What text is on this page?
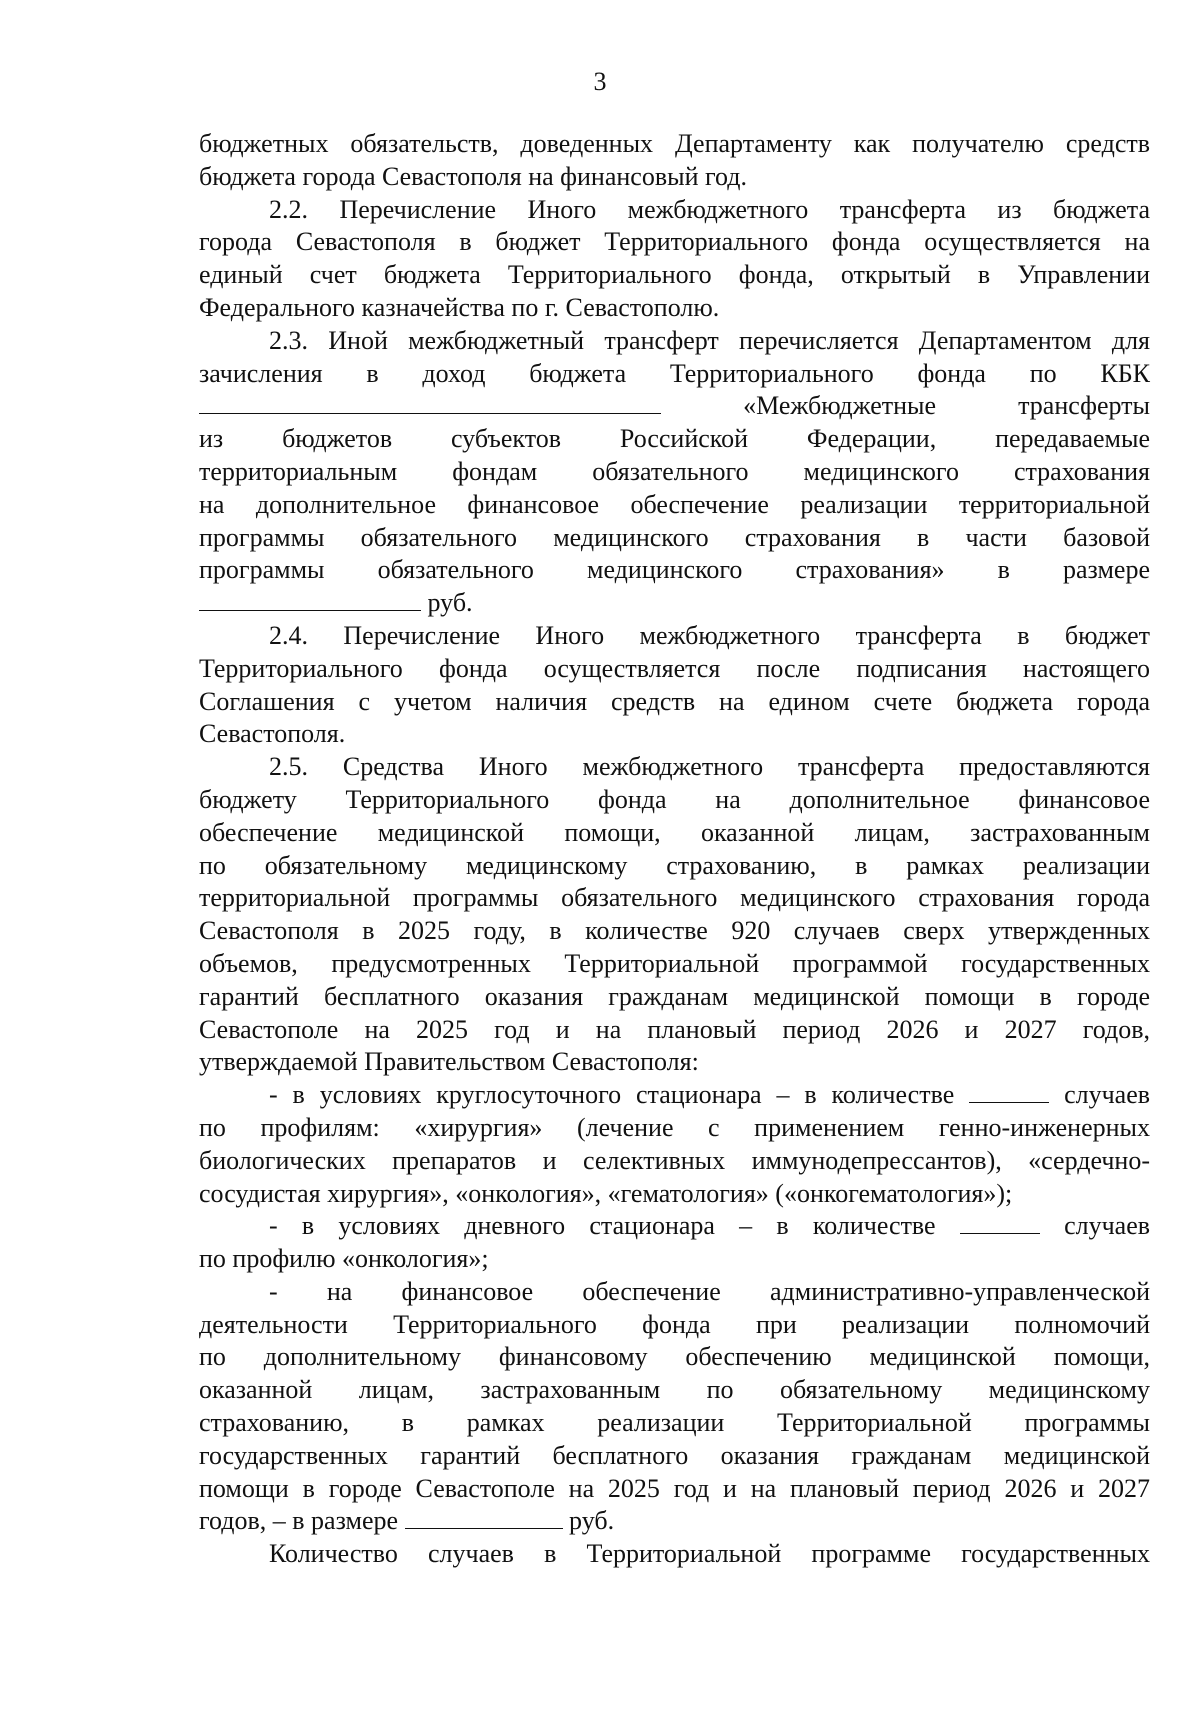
3
бюджетных обязательств, доведенных Департаменту как получателю средств
бюджета города Севастополя на финансовый год.
2.2. Перечисление Иного межбюджетного трансферта из бюджета
города Севастополя в бюджет Территориального фонда осуществляется на
единый счет бюджета Территориального фонда, открытый в Управлении
Федерального казначейства по г. Севастополю.
2.3. Иной межбюджетный трансферт перечисляется Департаментом для
зачисления в доход бюджета Территориального фонда по КБК
«Межбюджетные трансферты
из бюджетов субъектов Российской Федерации, передаваемые
территориальным фондам обязательного медицинского страхования
на дополнительное финансовое обеспечение реализации территориальной
программы обязательного медицинского страхования в части базовой
программы обязательного медицинского страхования» в размере
руб.
2.4. Перечисление Иного межбюджетного трансферта в бюджет
Территориального фонда осуществляется после подписания настоящего
Соглашения с учетом наличия средств на едином счете бюджета города
Севастополя.
2.5. Средства Иного межбюджетного трансферта предоставляются
бюджету Территориального фонда на дополнительное финансовое
обеспечение медицинской помощи, оказанной лицам, застрахованным
по обязательному медицинскому страхованию, в рамках реализации
территориальной программы обязательного медицинского страхования города
Севастополя в 2025 году, в количестве 920 случаев сверх утвержденных
объемов, предусмотренных Территориальной программой государственных
гарантий бесплатного оказания гражданам медицинской помощи в городе
Севастополе на 2025 год и на плановый период 2026 и 2027 годов,
утверждаемой Правительством Севастополя:
- в условиях круглосуточного стационара – в количестве	случаев
по профилям: «хирургия» (лечение с применением генно-инженерных
биологических препаратов и селективных иммунодепрессантов), «сердечно-
сосудистая хирургия», «онкология», «гематология» («онкогематология»);
- в условиях дневного стационара – в количестве	случаев
по профилю «онкология»;
- на финансовое обеспечение административно-управленческой
деятельности Территориального фонда при реализации полномочий
по дополнительному финансовому обеспечению медицинской помощи,
оказанной лицам, застрахованным по обязательному медицинскому
страхованию, в рамках реализации Территориальной программы
государственных гарантий бесплатного оказания гражданам медицинской
помощи в городе Севастополе на 2025 год и на плановый период 2026 и 2027
годов, – в размере	руб.
Количество случаев в Территориальной программе государственных
